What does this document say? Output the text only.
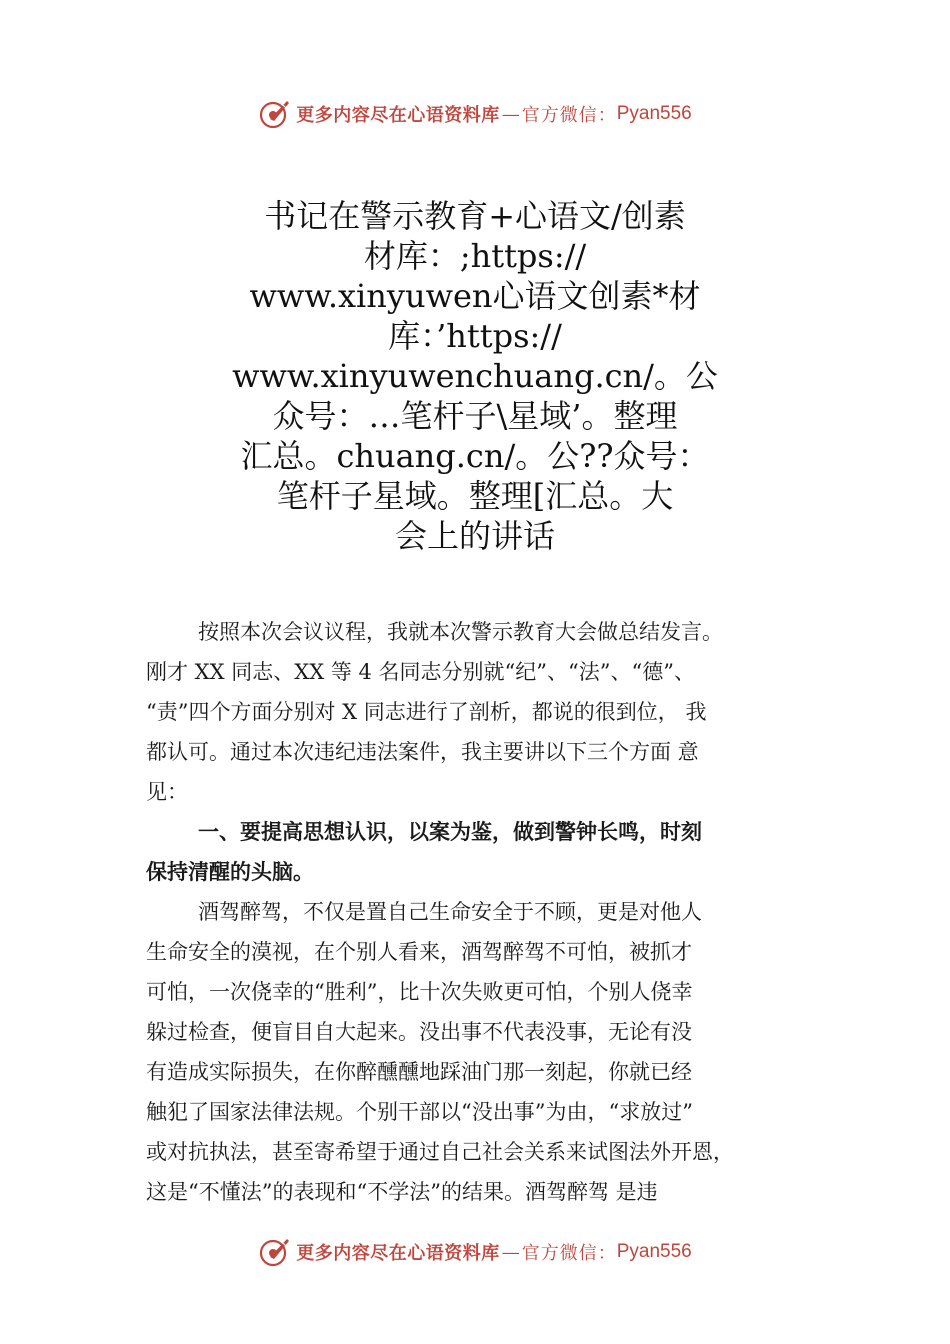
更多内容尽在心语资料库 — 官方微信： Pyan556
书记在警示教育+心语文/创素
材库：;https://
www.xinyuwen心语文创素*材
库：’https://
www.xinyuwenchuang.cn/。公
众号：…笔杆子\星域’。整理
汇总。chuang.cn/。公??众号：
笔杆子星域。整理[汇总。大
会上的讲话

按照本次会议议程，我就本次警示教育大会做总结发言。
刚才 XX 同志、XX 等 4 名同志分别就“纪”、“法”、“德”、
“责”四个方面分别对 X 同志进行了剖析，都说的很到位， 我
都认可。通过本次违纪违法案件，我主要讲以下三个方面 意
见：

一、要提高思想认识，以案为鉴，做到警钟长鸣，时刻
保持清醒的头脑。

酒驾醉驾，不仅是置自己生命安全于不顾，更是对他人
生命安全的漠视，在个别人看来，酒驾醉驾不可怕，被抓才
可怕，一次侥幸的“胜利”，比十次失败更可怕，个别人侥幸
躲过检查，便盲目自大起来。没出事不代表没事，无论有没
有造成实际损失，在你醉醺醺地踩油门那一刻起，你就已经
触犯了国家法律法规。个别干部以“没出事”为由，“求放过”
或对抗执法，甚至寄希望于通过自己社会关系来试图法外开恩，
这是“不懂法”的表现和“不学法”的结果。酒驾醉驾 是违

更多内容尽在心语资料库 — 官方微信： Pyan556
